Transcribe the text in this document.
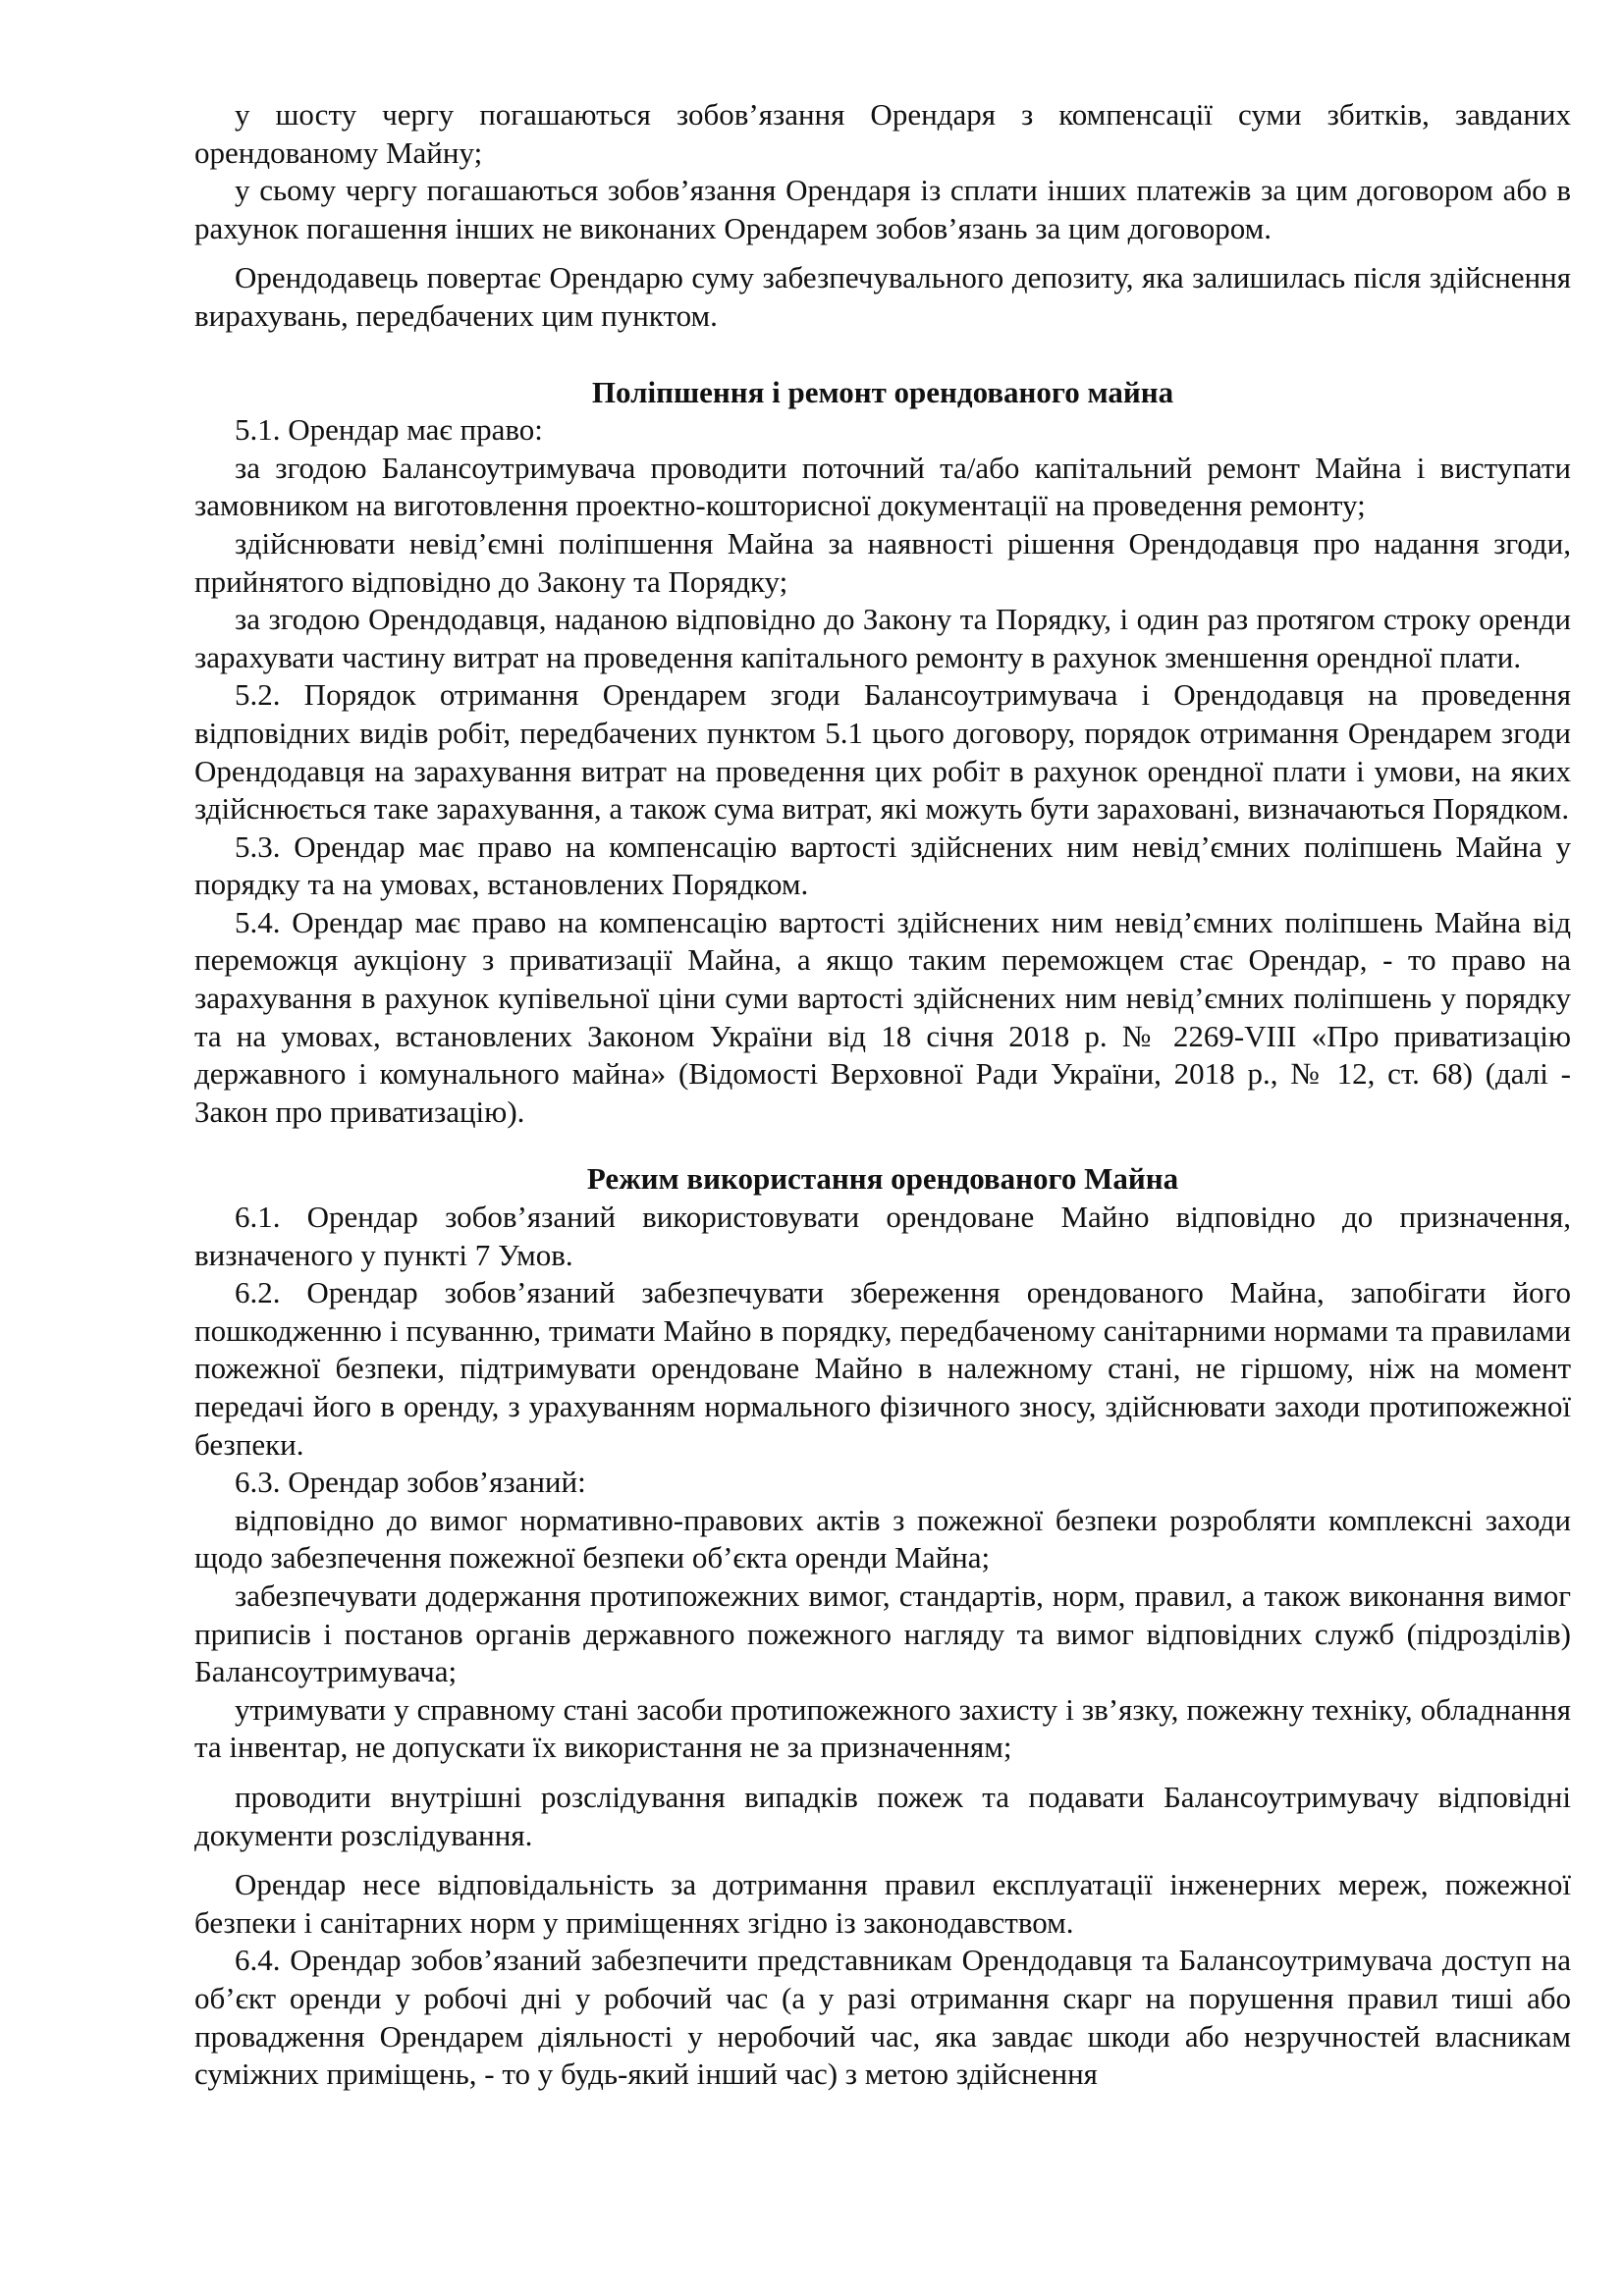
у шосту чергу погашаються зобов’язання Орендаря з компенсації суми збитків, завданих орендованому Майну;

у сьому чергу погашаються зобов’язання Орендаря із сплати інших платежів за цим договором або в рахунок погашення інших не виконаних Орендарем зобов’язань за цим договором.

Орендодавець повертає Орендарю суму забезпечувального депозиту, яка залишилась після здійснення вирахувань, передбачених цим пунктом.

Поліпшення і ремонт орендованого майна

5.1. Орендар має право:

за згодою Балансоутримувача проводити поточний та/або капітальний ремонт Майна і виступати замовником на виготовлення проектно-кошторисної документації на проведення ремонту;

здійснювати невід’ємні поліпшення Майна за наявності рішення Орендодавця про надання згоди, прийнятого відповідно до Закону та Порядку;

за згодою Орендодавця, наданою відповідно до Закону та Порядку, і один раз протягом строку оренди зарахувати частину витрат на проведення капітального ремонту в рахунок зменшення орендної плати.

5.2. Порядок отримання Орендарем згоди Балансоутримувача і Орендодавця на проведення відповідних видів робіт, передбачених пунктом 5.1 цього договору, порядок отримання Орендарем згоди Орендодавця на зарахування витрат на проведення цих робіт в рахунок орендної плати і умови, на яких здійснюється таке зарахування, а також сума витрат, які можуть бути зараховані, визначаються Порядком.

5.3. Орендар має право на компенсацію вартості здійснених ним невід’ємних поліпшень Майна у порядку та на умовах, встановлених Порядком.

5.4. Орендар має право на компенсацію вартості здійснених ним невід’ємних поліпшень Майна від переможця аукціону з приватизації Майна, а якщо таким переможцем стає Орендар, - то право на зарахування в рахунок купівельної ціни суми вартості здійснених ним невід’ємних поліпшень у порядку та на умовах, встановлених Законом України від 18 січня 2018 р. № 2269-VIII «Про приватизацію державного і комунального майна» (Відомості Верховної Ради України, 2018 р., № 12, ст. 68) (далі - Закон про приватизацію).

Режим використання орендованого Майна

6.1. Орендар зобов’язаний використовувати орендоване Майно відповідно до призначення, визначеного у пункті 7 Умов.

6.2. Орендар зобов’язаний забезпечувати збереження орендованого Майна, запобігати його пошкодженню і псуванню, тримати Майно в порядку, передбаченому санітарними нормами та правилами пожежної безпеки, підтримувати орендоване Майно в належному стані, не гіршому, ніж на момент передачі його в оренду, з урахуванням нормального фізичного зносу, здійснювати заходи протипожежної безпеки.

6.3. Орендар зобов’язаний:

відповідно до вимог нормативно-правових актів з пожежної безпеки розробляти комплексні заходи щодо забезпечення пожежної безпеки об’єкта оренди Майна;

забезпечувати додержання протипожежних вимог, стандартів, норм, правил, а також виконання вимог приписів і постанов органів державного пожежного нагляду та вимог відповідних служб (підрозділів) Балансоутримувача;

утримувати у справному стані засоби протипожежного захисту і зв’язку, пожежну техніку, обладнання та інвентар, не допускати їх використання не за призначенням;

проводити внутрішні розслідування випадків пожеж та подавати Балансоутримувачу відповідні документи розслідування.

Орендар несе відповідальність за дотримання правил експлуатації інженерних мереж, пожежної безпеки і санітарних норм у приміщеннях згідно із законодавством.

6.4. Орендар зобов’язаний забезпечити представникам Орендодавця та Балансоутримувача доступ на об’єкт оренди у робочі дні у робочий час (а у разі отримання скарг на порушення правил тиші або провадження Орендарем діяльності у неробочий час, яка завдає шкоди або незручностей власникам суміжних приміщень, - то у будь-який інший час) з метою здійснення
